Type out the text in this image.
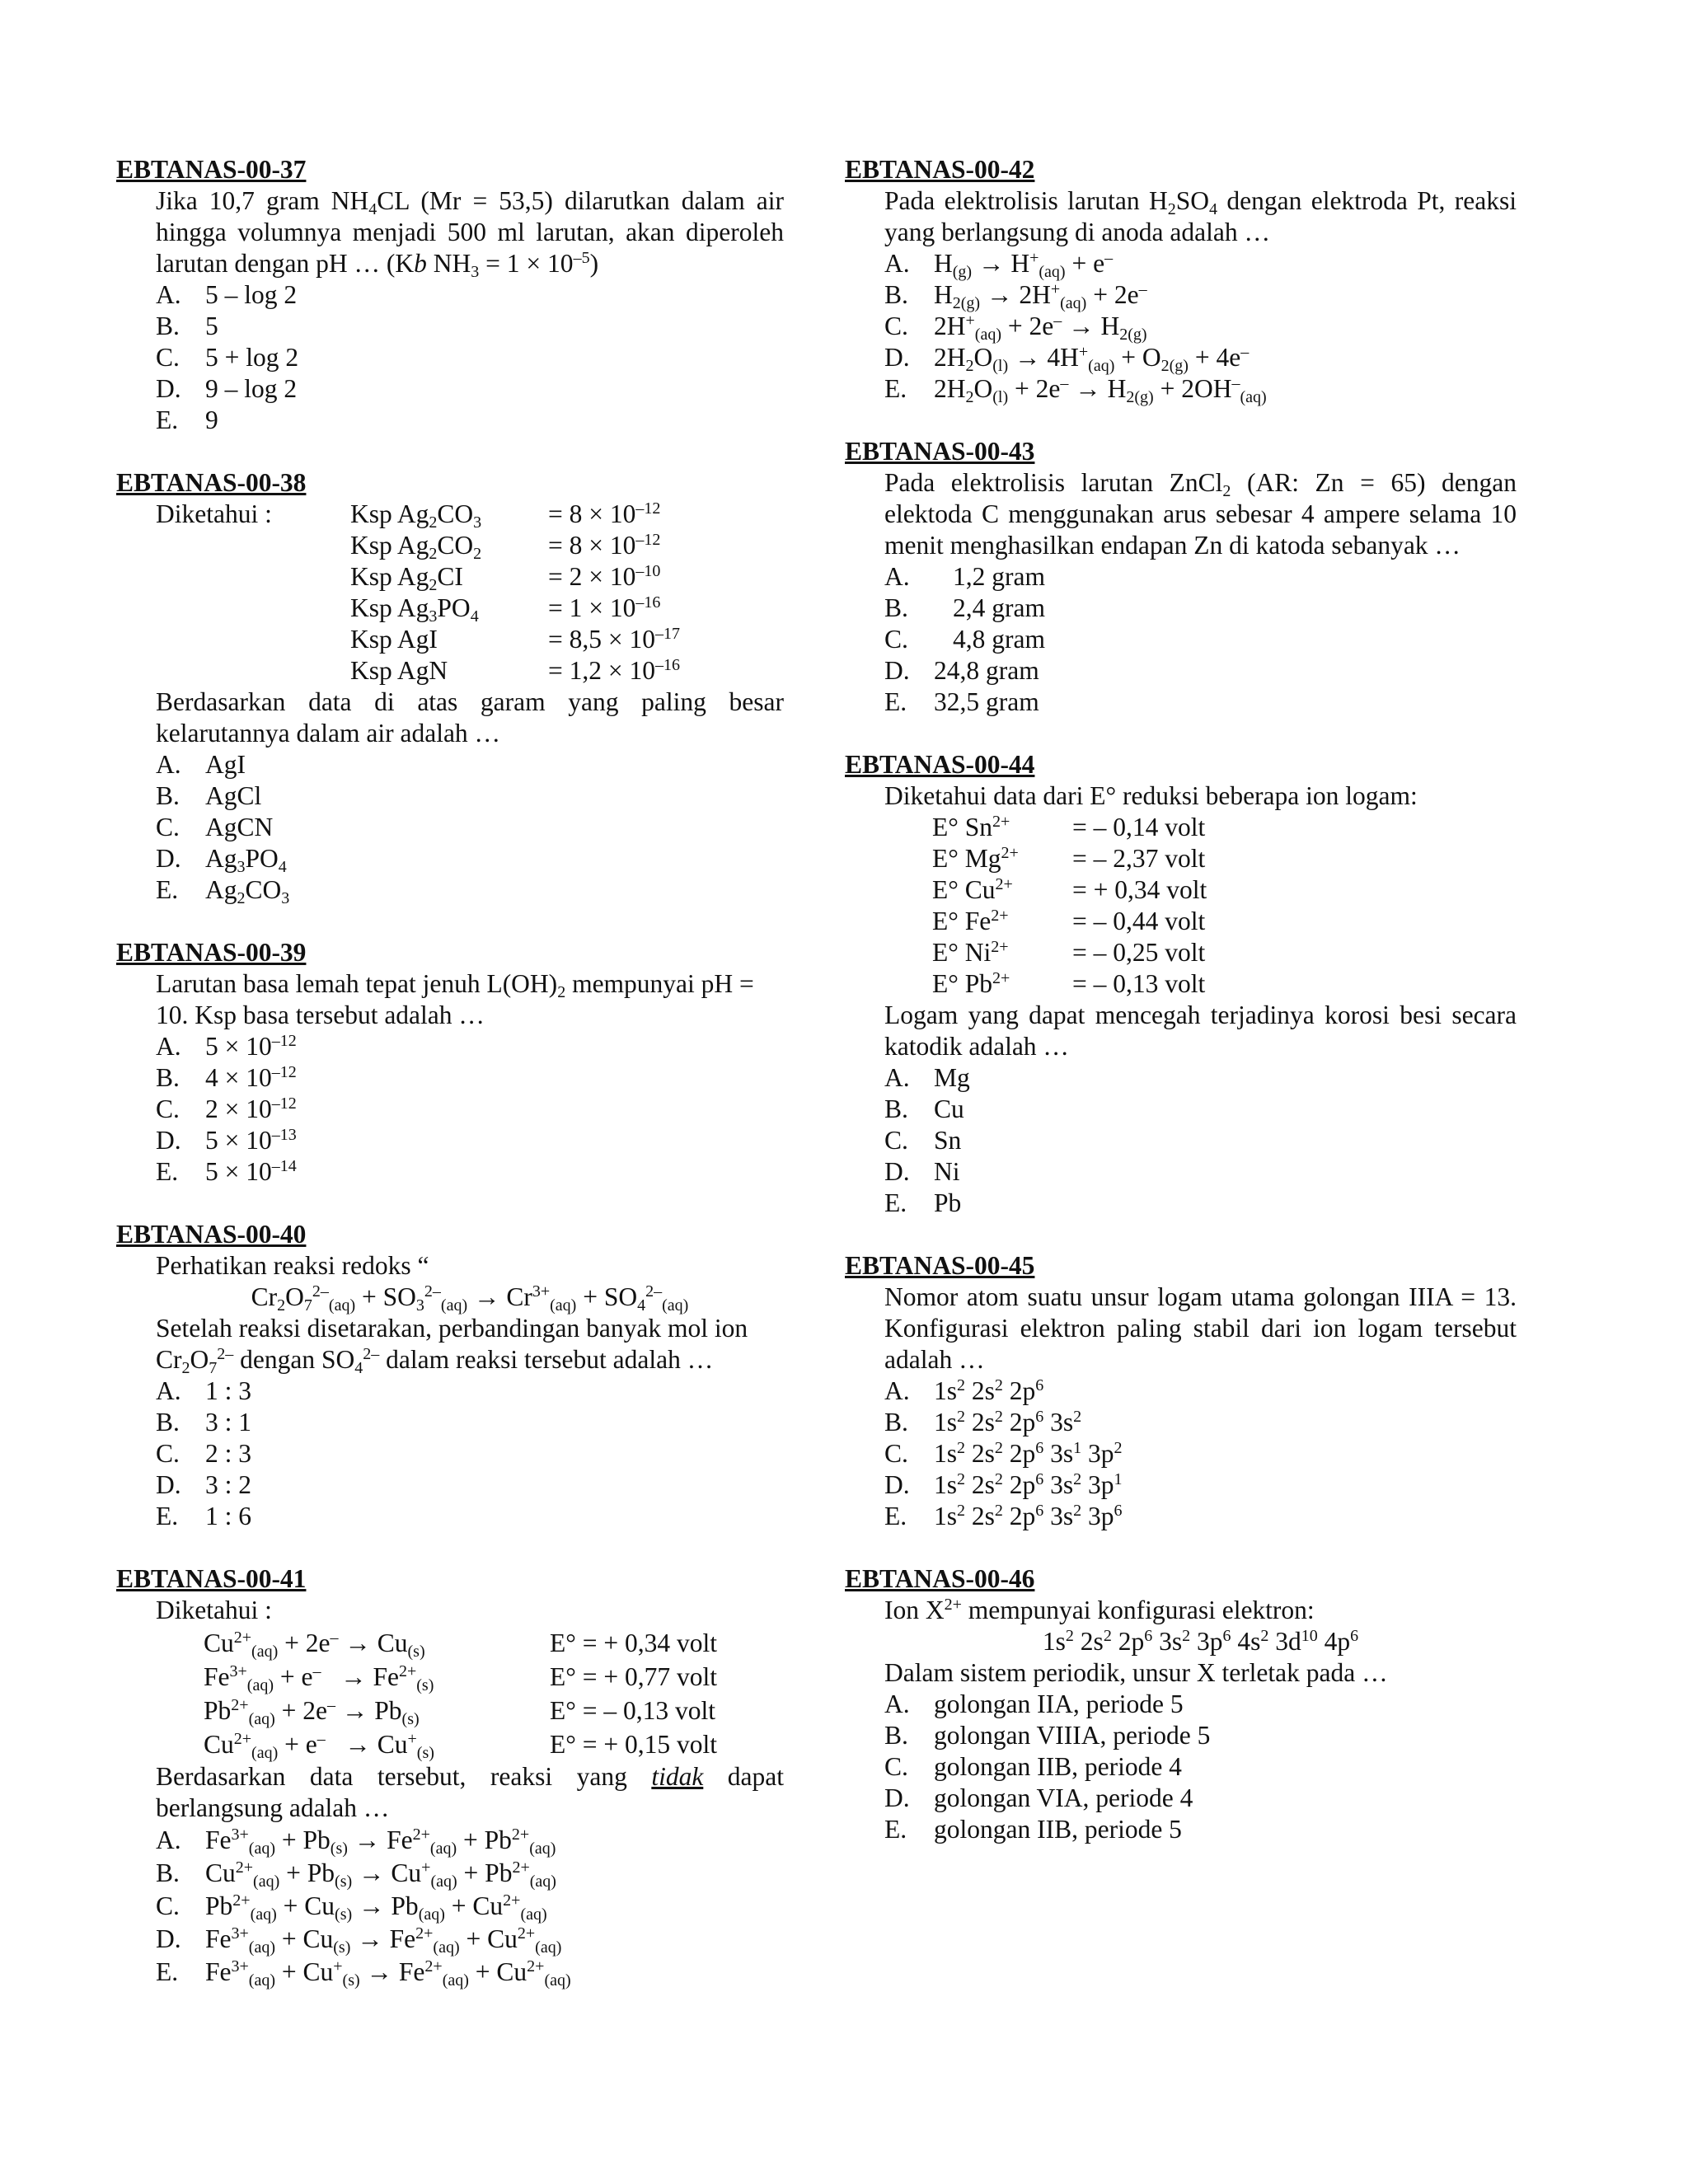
EBTANAS-00-37
Jika 10,7 gram $NH_4CL$ (Mr = 53,5) dilarutkan dalam air hingga volumnya menjadi 500 ml larutan, akan diperoleh larutan dengan pH … (Kb $NH_3 = 1 \times 10^{-5}$)
A. 5 – log 2
B. 5
C. 5 + log 2
D. 9 – log 2
E.	9
EBTANAS-00-38
Diketahui :	Ksp $Ag_2CO_3$	= $8 \times 10^{-12}$
Ksp $Ag_2CO_2$	= $8 \times 10^{-12}$
Ksp $Ag_2CI$	= $2 \times 10^{-10}$
Ksp $Ag_3PO_4$	= $1 \times 10^{-16}$
Ksp AgI	= $8,5 \times 10^{-17}$
Ksp AgN	= $1,2 \times 10^{-16}$
Berdasarkan data di atas garam yang paling besar kelarutannya dalam air adalah …
A. AgI
B. AgCl
C. AgCN
D. $Ag_3PO_4$
E.	$Ag_2CO_3$
EBTANAS-00-39
Larutan basa lemah tepat jenuh $L(OH)_2$ mempunyai pH = 10. Ksp basa tersebut adalah …
A. $5 \times 10^{-12}$
B. $4 \times 10^{-12}$
C. $2 \times 10^{-12}$
D. $5 \times 10^{-13}$
E.	$5 \times 10^{-14}$
EBTANAS-00-40
Perhatikan reaksi redoks “
$Cr_2O_7^{2-}_{(aq)} + SO_3^{2-}_{(aq)} \to Cr^{3+}_{(aq)} + SO_4^{2-}_{(aq)}$
Setelah reaksi disetarakan, perbandingan banyak mol ion
$Cr_2O_7^{2-}$ dengan $SO_4^{2-}$ dalam reaksi tersebut adalah …
A. 1 : 3
B. 3 : 1
C. 2 : 3
D. 3 : 2
E.	1 : 6
EBTANAS-00-41
Diketahui :
$Cu^{2+}_{(aq)} + 2e^- \to Cu_{(s)}$	E° = + 0,34 volt
$Fe^{3+}_{(aq)} + e^- \to Fe^{2+}_{(s)}$	E° = + 0,77 volt
$Pb^{2+}_{(aq)} + 2e^- \to Pb_{(s)}$	E° = – 0,13 volt
$Cu^{2+}_{(aq)} + e^- \to Cu^+_{(s)}$	E° = + 0,15 volt
Berdasarkan data tersebut, reaksi yang tidak dapat berlangsung adalah …
A. $Fe^{3+}_{(aq)} + Pb_{(s)} \to Fe^{2+}_{(aq)} + Pb^{2+}_{(aq)}$
B. $Cu^{2+}_{(aq)} + Pb_{(s)} \to Cu^+_{(aq)} + Pb^{2+}_{(aq)}$
C. $Pb^{2+}_{(aq)} + Cu_{(s)} \to Pb_{(aq)} + Cu^{2+}_{(aq)}$
D. $Fe^{3+}_{(aq)} + Cu_{(s)} \to Fe^{2+}_{(aq)} + Cu^{2+}_{(aq)}$
E.	$Fe^{3+}_{(aq)} + Cu^+_{(s)} \to Fe^{2+}_{(aq)} + Cu^{2+}_{(aq)}$
EBTANAS-00-42
Pada elektrolisis larutan $H_2SO_4$ dengan elektroda Pt, reaksi yang berlangsung di anoda adalah …
A. $H_{(g)} \to H^+_{(aq)} + e^-$
B. $H_{2(g)} \to 2H^+_{(aq)} + 2e^-$
C. $2H^+_{(aq)} + 2e^- \to H_{2(g)}$
D. $2H_2O_{(l)} \to 4H^+_{(aq)} + O_{2(g)} + 4e^-$
E.	$2H_2O_{(l)} + 2e^- \to H_{2(g)} + 2OH^-_{(aq)}$
EBTANAS-00-43
Pada elektrolisis larutan ZnCl$_2$ (AR: Zn = 65) dengan elektoda C menggunakan arus sebesar 4 ampere selama 10 menit menghasilkan endapan Zn di katoda sebanyak …
A.	1,2 gram
B.	2,4 gram
C.	4,8 gram
D. 24,8 gram
E.	32,5 gram
EBTANAS-00-44
Diketahui data dari E° reduksi beberapa ion logam:
E° $Sn^{2+}$	= – 0,14 volt
E° $Mg^{2+}$	= – 2,37 volt
E° $Cu^{2+}$	= + 0,34 volt
E° $Fe^{2+}$	= – 0,44 volt
E° $Ni^{2+}$	= – 0,25 volt
E° $Pb^{2+}$	= – 0,13 volt
Logam yang dapat mencegah terjadinya korosi besi secara katodik adalah …
A. Mg
B. Cu
C. Sn
D. Ni
E.	Pb
EBTANAS-00-45
Nomor atom suatu unsur logam utama golongan IIIA = 13. Konfigurasi elektron paling stabil dari ion logam tersebut adalah …
A. $1s^2$ $2s^2$ $2p^6$
B. $1s^2$ $2s^2$ $2p^6$ $3s^2$
C. $1s^2$ $2s^2$ $2p^6$ $3s^1$ $3p^2$
D. $1s^2$ $2s^2$ $2p^6$ $3s^2$ $3p^1$
E.	$1s^2$ $2s^2$ $2p^6$ $3s^2$ $3p^6$
EBTANAS-00-46
Ion $X^{2+}$ mempunyai konfigurasi elektron:
$1s^2$ $2s^2$ $2p^6$ $3s^2$ $3p^6$ $4s^2$ $3d^{10}$ $4p^6$
Dalam sistem periodik, unsur X terletak pada …
A. golongan IIA, periode 5
B. golongan VIIIA, periode 5
C. golongan IIB, periode 4
D. golongan VIA, periode 4
E.	golongan IIB, periode 5
